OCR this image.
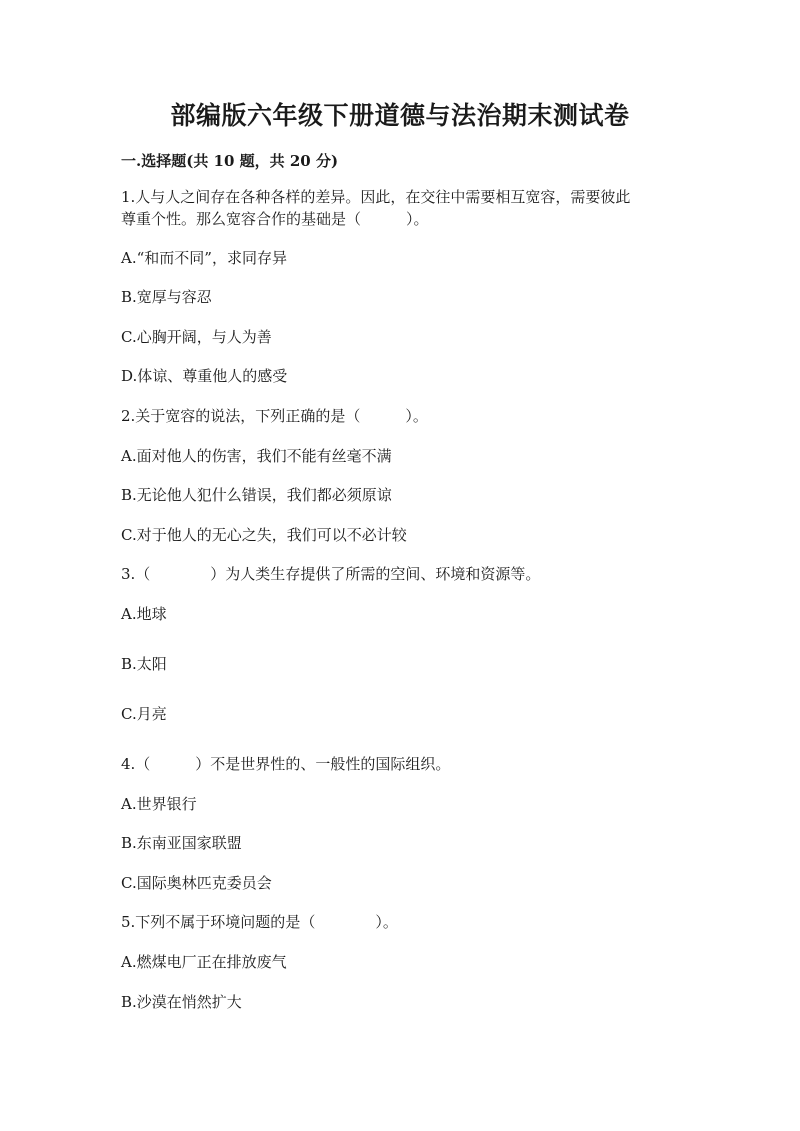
部编版六年级下册道德与法治期末测试卷
一.选择题(共 10 题，共 20 分)
1.人与人之间存在各种各样的差异。因此，在交往中需要相互宽容，需要彼此
尊重个性。那么宽容合作的基础是（　　　）。
A.“和而不同”，求同存异
B.宽厚与容忍
C.心胸开阔，与人为善
D.体谅、尊重他人的感受
2.关于宽容的说法，下列正确的是（　　　）。
A.面对他人的伤害，我们不能有丝毫不满
B.无论他人犯什么错误，我们都必须原谅
C.对于他人的无心之失，我们可以不必计较
3.（　　　　）为人类生存提供了所需的空间、环境和资源等。
A.地球
B.太阳
C.月亮
4.（　　　）不是世界性的、一般性的国际组织。
A.世界银行
B.东南亚国家联盟
C.国际奥林匹克委员会
5.下列不属于环境问题的是（　　　　）。
A.燃煤电厂正在排放废气
B.沙漠在悄然扩大
